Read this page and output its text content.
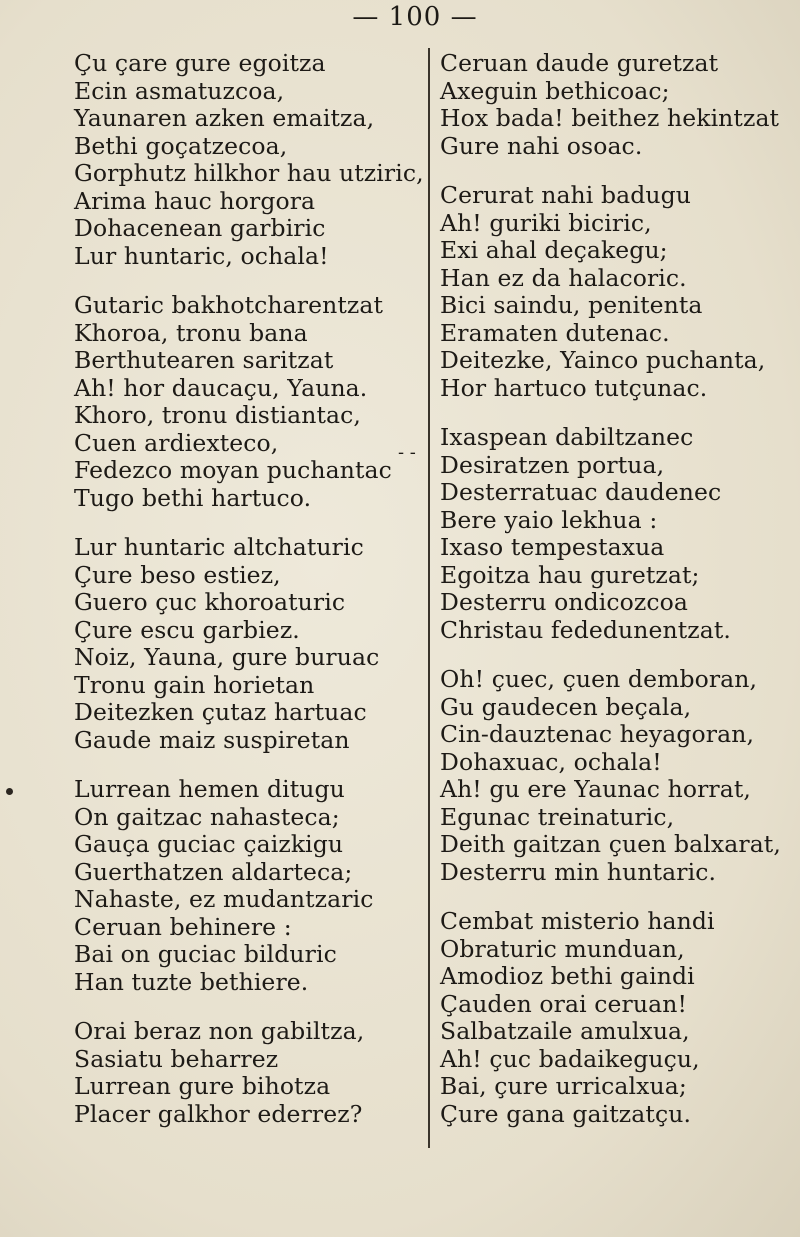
— 100 —
- -
Çu çare gure egoitza
Ecin asmatuzcoa,
Yaunaren azken emaitza,
Bethi goçatzecoa,
Gorphutz hilkhor hau utziric,
Arima hauc horgora
Dohacenean garbiric
Lur huntaric, ochala!
Gutaric bakhotcharentzat
Khoroa, tronu bana
Berthutearen saritzat
Ah! hor daucaçu, Yauna.
Khoro, tronu distiantac,
Cuen ardiexteco,
Fedezco moyan puchantac
Tugo bethi hartuco.
Lur huntaric altchaturic
Çure beso estiez,
Guero çuc khoroaturic
Çure escu garbiez.
Noiz, Yauna, gure buruac
Tronu gain horietan
Deitezken çutaz hartuac
Gaude maiz suspiretan
Lurrean hemen ditugu
On gaitzac nahasteca;
Gauça guciac çaizkigu
Guerthatzen aldarteca;
Nahaste, ez mudantzaric
Ceruan behinere :
Bai on guciac bilduric
Han tuzte bethiere.
Orai beraz non gabiltza,
Sasiatu beharrez
Lurrean gure bihotza
Placer galkhor ederrez?
Ceruan daude guretzat
Axeguin bethicoac;
Hox bada! beithez hekintzat
Gure nahi osoac.
Cerurat nahi badugu
Ah! guriki biciric,
Exi ahal deçakegu;
Han ez da halacoric.
Bici saindu, penitenta
Eramaten dutenac.
Deitezke, Yainco puchanta,
Hor hartuco tutçunac.
Ixaspean dabiltzanec
Desiratzen portua,
Desterratuac daudenec
Bere yaio lekhua :
Ixaso tempestaxua
Egoitza hau guretzat;
Desterru ondicozcoa
Christau fededunentzat.
Oh! çuec, çuen demboran,
Gu gaudecen beçala,
Cin-dauztenac heyagoran,
Dohaxuac, ochala!
Ah! gu ere Yaunac horrat,
Egunac treinaturic,
Deith gaitzan çuen balxarat,
Desterru min huntaric.
Cembat misterio handi
Obraturic munduan,
Amodioz bethi gaindi
Çauden orai ceruan!
Salbatzaile amulxua,
Ah! çuc badaikeguçu,
Bai, çure urricalxua;
Çure gana gaitzatçu.
